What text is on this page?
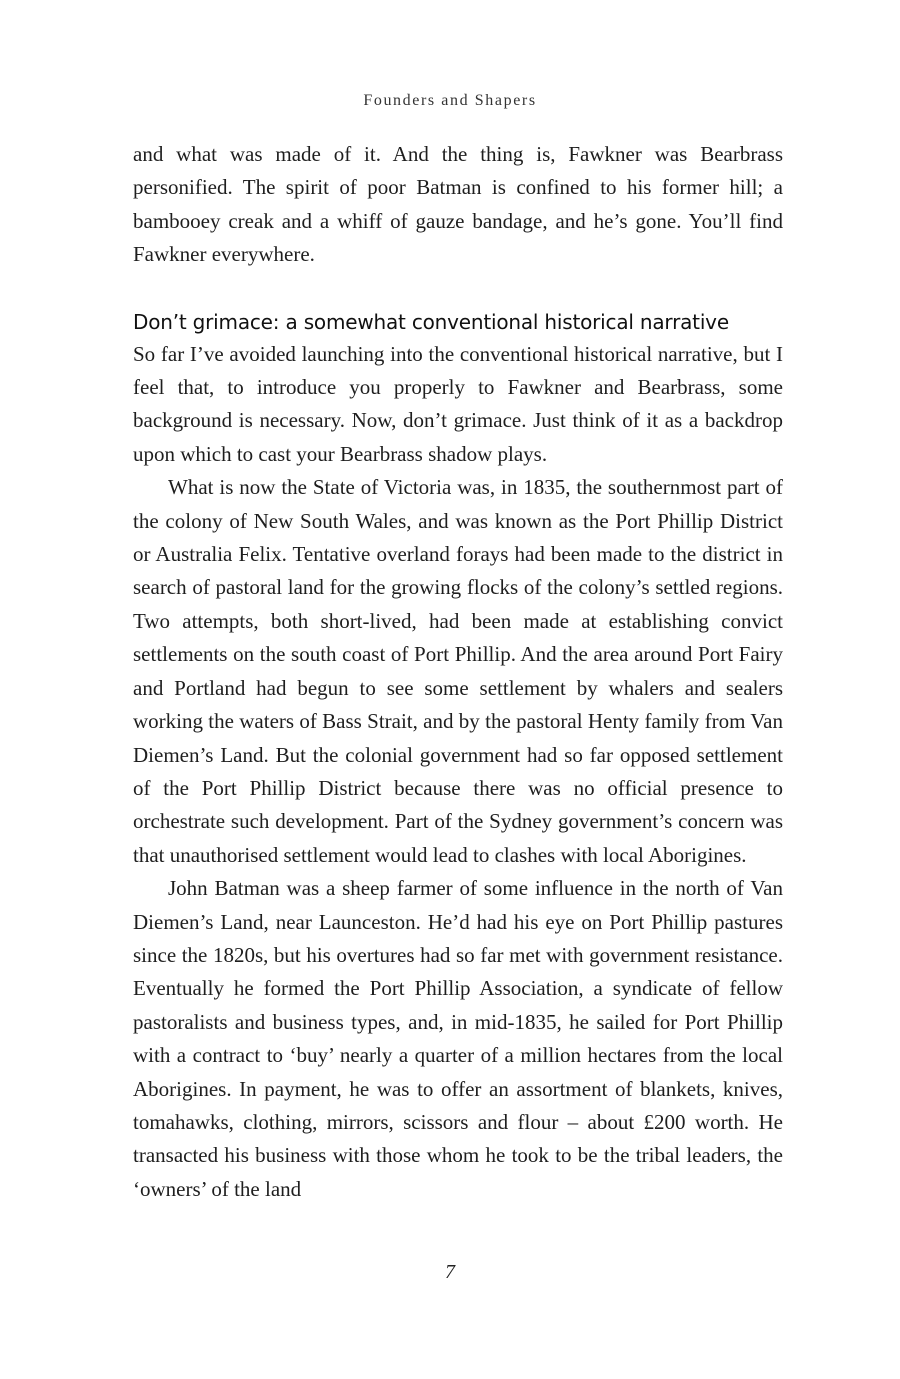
Founders and Shapers

and what was made of it. And the thing is, Fawkner was Bearbrass personified. The spirit of poor Batman is confined to his former hill; a bambooey creak and a whiff of gauze bandage, and he’s gone. You’ll find Fawkner everywhere.

Don’t grimace: a somewhat conventional historical narrative

So far I’ve avoided launching into the conventional historical narrative, but I feel that, to introduce you properly to Fawkner and Bearbrass, some background is necessary. Now, don’t grimace. Just think of it as a backdrop upon which to cast your Bearbrass shadow plays.

What is now the State of Victoria was, in 1835, the southernmost part of the colony of New South Wales, and was known as the Port Phillip District or Australia Felix. Tentative overland forays had been made to the district in search of pastoral land for the growing flocks of the colony’s settled regions. Two attempts, both short-lived, had been made at establishing convict settlements on the south coast of Port Phillip. And the area around Port Fairy and Portland had begun to see some settlement by whalers and sealers working the waters of Bass Strait, and by the pastoral Henty family from Van Diemen’s Land. But the colonial government had so far opposed settlement of the Port Phillip District because there was no official presence to orchestrate such development. Part of the Sydney government’s concern was that unauthorised settlement would lead to clashes with local Aborigines.

John Batman was a sheep farmer of some influence in the north of Van Diemen’s Land, near Launceston. He’d had his eye on Port Phillip pastures since the 1820s, but his overtures had so far met with government resistance. Eventually he formed the Port Phillip Association, a syndicate of fellow pastoralists and business types, and, in mid-1835, he sailed for Port Phillip with a contract to ‘buy’ nearly a quarter of a million hectares from the local Aborigines. In payment, he was to offer an assortment of blankets, knives, tomahawks, clothing, mirrors, scissors and flour – about £200 worth. He transacted his business with those whom he took to be the tribal leaders, the ‘owners’ of the land

7
